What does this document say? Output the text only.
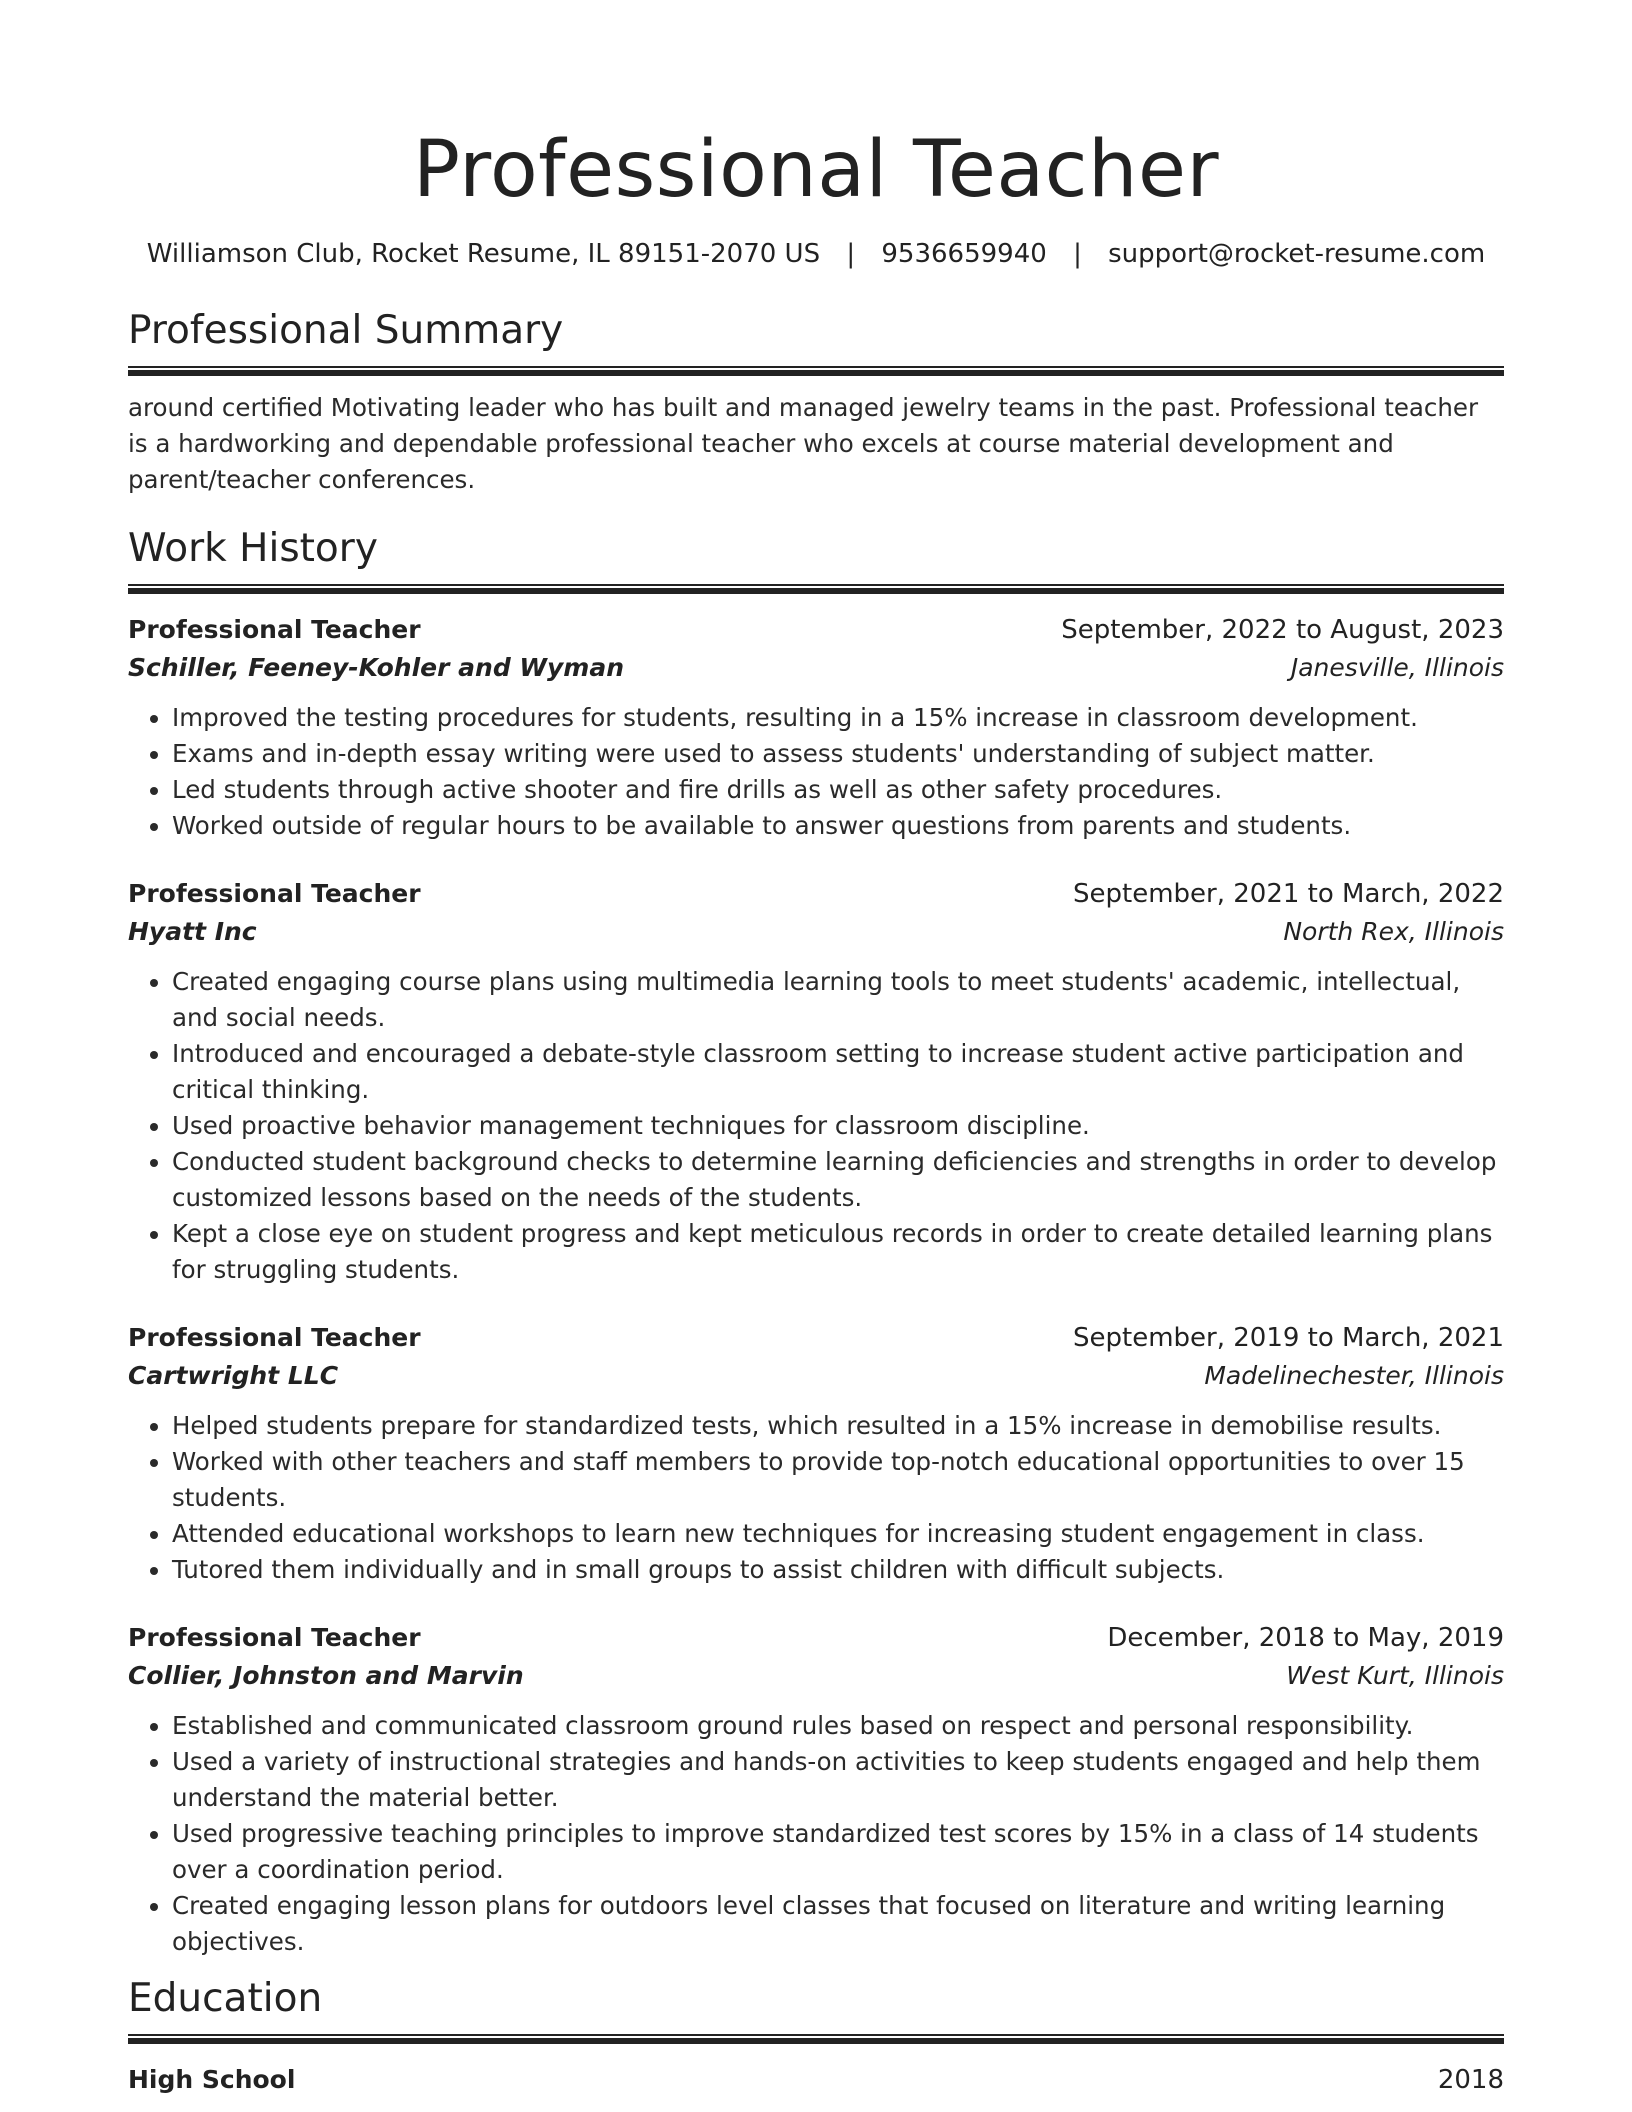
Professional Teacher
Williamson Club, Rocket Resume, IL 89151-2070 US | 9536659940 | support@rocket-resume.com
Professional Summary

around certified Motivating leader who has built and managed jewelry teams in the past. Professional teacher is a hardworking and dependable professional teacher who excels at course material development and parent/teacher conferences.

Work History
Professional Teacher	September, 2022 to August, 2023
Schiller, Feeney-Kohler and Wyman	Janesville, Illinois
• Improved the testing procedures for students, resulting in a 15% increase in classroom development.
• Exams and in-depth essay writing were used to assess students' understanding of subject matter.
• Led students through active shooter and fire drills as well as other safety procedures.
• Worked outside of regular hours to be available to answer questions from parents and students.
Professional Teacher	September, 2021 to March, 2022
Hyatt Inc	North Rex, Illinois
• Created engaging course plans using multimedia learning tools to meet students' academic, intellectual, and social needs.
• Introduced and encouraged a debate-style classroom setting to increase student active participation and critical thinking.
• Used proactive behavior management techniques for classroom discipline.
• Conducted student background checks to determine learning deficiencies and strengths in order to develop customized lessons based on the needs of the students.
• Kept a close eye on student progress and kept meticulous records in order to create detailed learning plans for struggling students.
Professional Teacher	September, 2019 to March, 2021
Cartwright LLC	Madelinechester, Illinois
• Helped students prepare for standardized tests, which resulted in a 15% increase in demobilise results.
• Worked with other teachers and staff members to provide top-notch educational opportunities to over 15 students.
• Attended educational workshops to learn new techniques for increasing student engagement in class.
• Tutored them individually and in small groups to assist children with difficult subjects.
Professional Teacher	December, 2018 to May, 2019
Collier, Johnston and Marvin	West Kurt, Illinois
• Established and communicated classroom ground rules based on respect and personal responsibility.
• Used a variety of instructional strategies and hands-on activities to keep students engaged and help them understand the material better.
• Used progressive teaching principles to improve standardized test scores by 15% in a class of 14 students over a coordination period.
• Created engaging lesson plans for outdoors level classes that focused on literature and writing learning objectives.
Education
High School	2018
